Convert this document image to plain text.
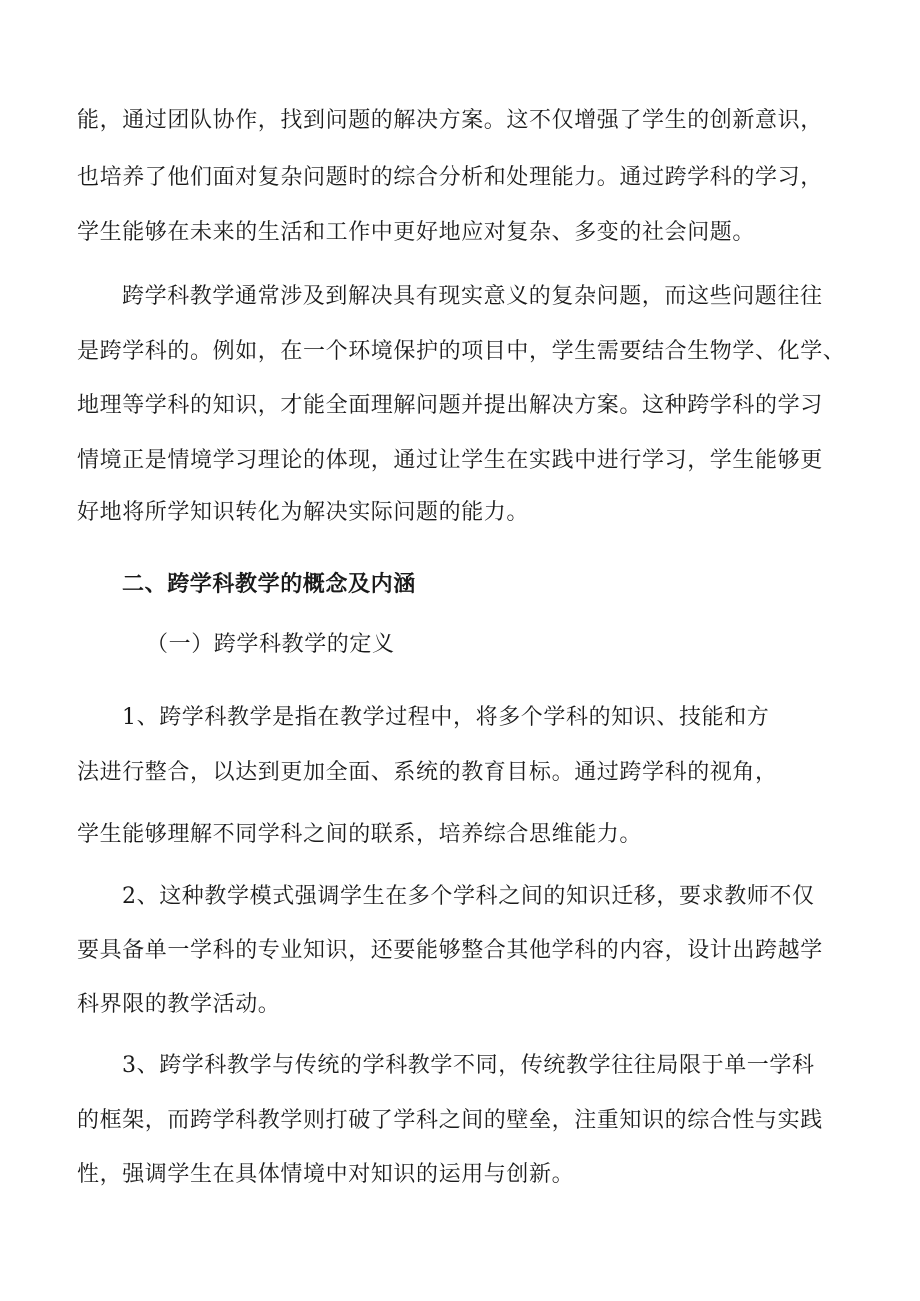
能，通过团队协作，找到问题的解决方案。这不仅增强了学生的创新意识，
也培养了他们面对复杂问题时的综合分析和处理能力。通过跨学科的学习，
学生能够在未来的生活和工作中更好地应对复杂、多变的社会问题。
跨学科教学通常涉及到解决具有现实意义的复杂问题，而这些问题往往
是跨学科的。例如，在一个环境保护的项目中，学生需要结合生物学、化学、
地理等学科的知识，才能全面理解问题并提出解决方案。这种跨学科的学习
情境正是情境学习理论的体现，通过让学生在实践中进行学习，学生能够更
好地将所学知识转化为解决实际问题的能力。
二、跨学科教学的概念及内涵
（一）跨学科教学的定义
1、跨学科教学是指在教学过程中，将多个学科的知识、技能和方
法进行整合，以达到更加全面、系统的教育目标。通过跨学科的视角，
学生能够理解不同学科之间的联系，培养综合思维能力。
2、这种教学模式强调学生在多个学科之间的知识迁移，要求教师不仅
要具备单一学科的专业知识，还要能够整合其他学科的内容，设计出跨越学
科界限的教学活动。
3、跨学科教学与传统的学科教学不同，传统教学往往局限于单一学科
的框架，而跨学科教学则打破了学科之间的壁垒，注重知识的综合性与实践
性，强调学生在具体情境中对知识的运用与创新。
